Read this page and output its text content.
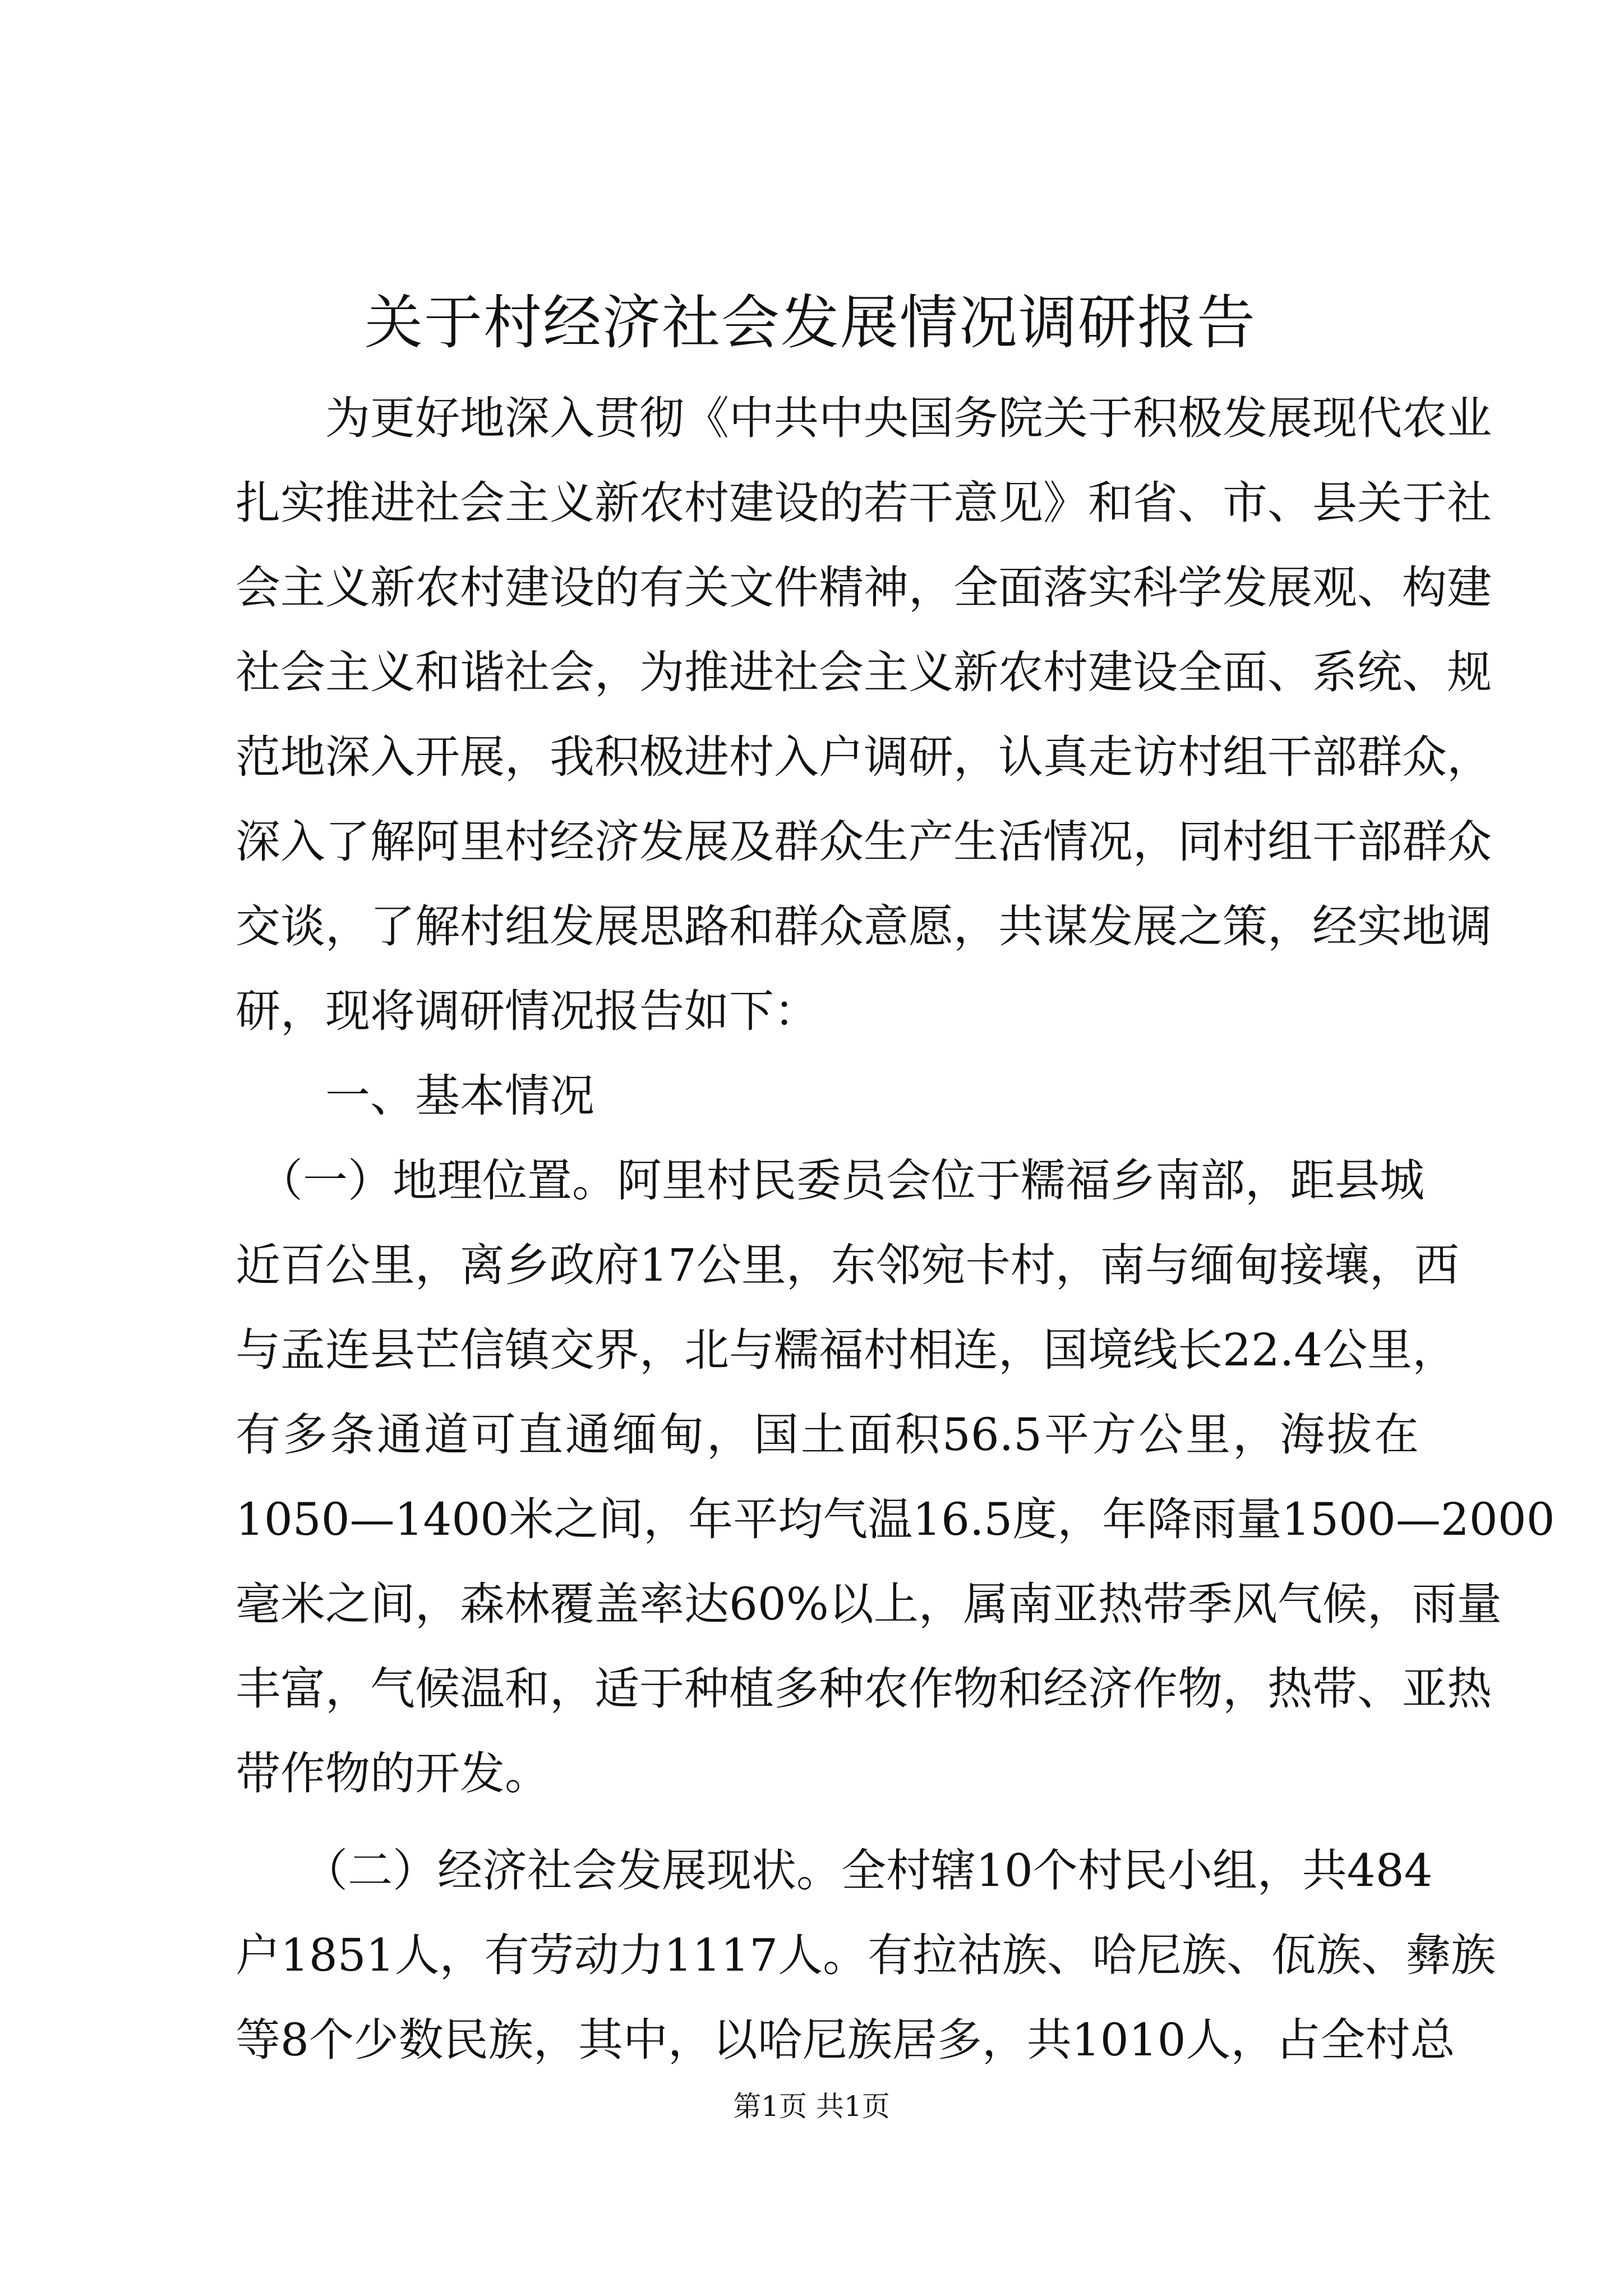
关于村经济社会发展情况调研报告
　　为更好地深入贯彻《中共中央国务院关于积极发展现代农业
扎实推进社会主义新农村建设的若干意见》和省、市、县关于社
会主义新农村建设的有关文件精神，全面落实科学发展观、构建
社会主义和谐社会，为推进社会主义新农村建设全面、系统、规
范地深入开展，我积极进村入户调研，认真走访村组干部群众，
深入了解阿里村经济发展及群众生产生活情况，同村组干部群众
交谈，了解村组发展思路和群众意愿，共谋发展之策，经实地调
研，现将调研情况报告如下：
　　一、基本情况
　（一）地理位置。阿里村民委员会位于糯福乡南部，距县城
近百公里，离乡政府17公里，东邻宛卡村，南与缅甸接壤，西
与孟连县芒信镇交界，北与糯福村相连，国境线长22.4公里，
有多条通道可直通缅甸，国土面积56.5平方公里，海拔在
1050—1400米之间，年平均气温16.5度，年降雨量1500—2000
毫米之间，森林覆盖率达60%以上，属南亚热带季风气候，雨量
丰富，气候温和，适于种植多种农作物和经济作物，热带、亚热
带作物的开发。
　　（二）经济社会发展现状。全村辖10个村民小组，共484
户1851人，有劳动力1117人。有拉祜族、哈尼族、佤族、彝族
等8个少数民族，其中，以哈尼族居多，共1010人，占全村总
第1页 共1页
